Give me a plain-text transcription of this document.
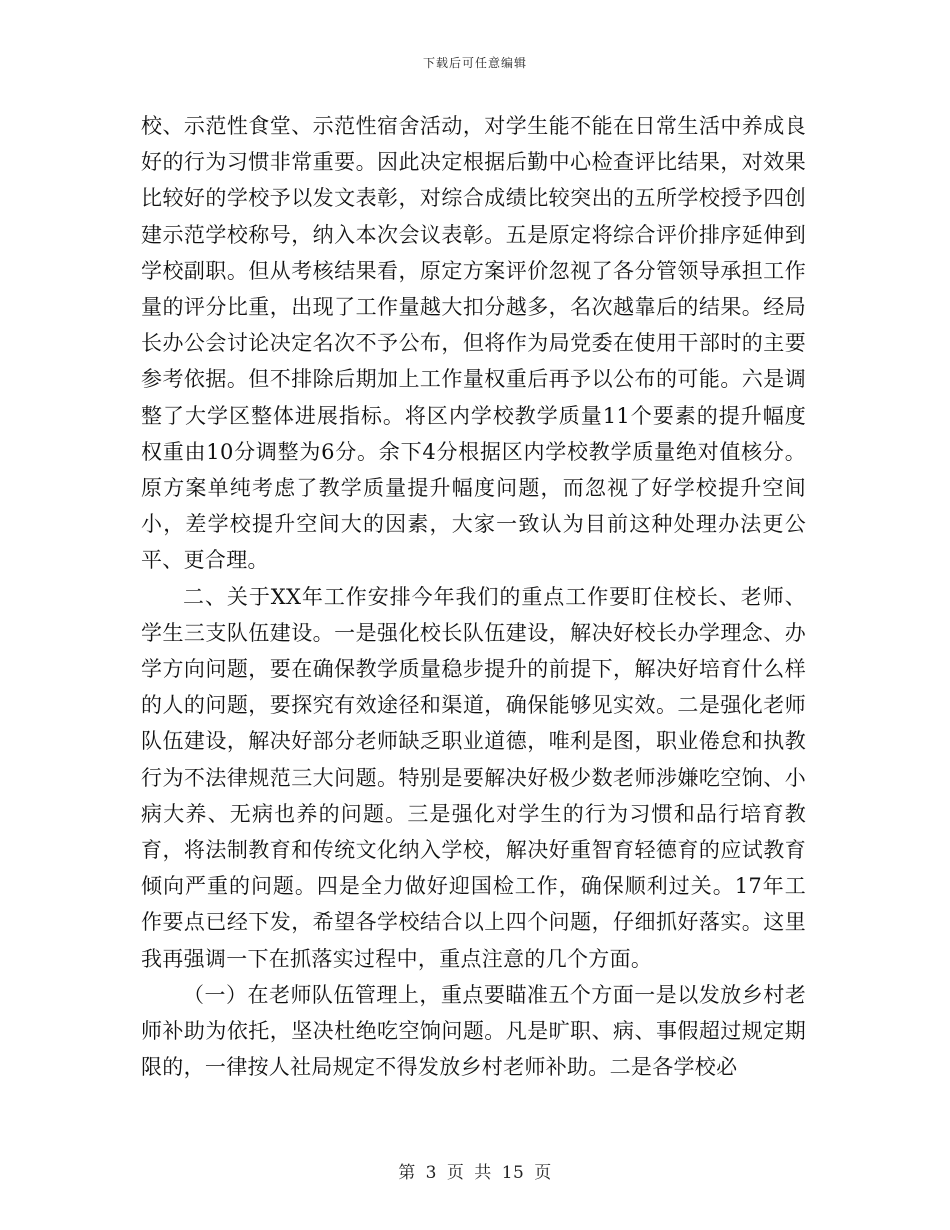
下载后可任意编辑

校、示范性食堂、示范性宿舍活动，对学生能不能在日常生活中养成良好的行为习惯非常重要。因此决定根据后勤中心检查评比结果，对效果比较好的学校予以发文表彰，对综合成绩比较突出的五所学校授予四创建示范学校称号，纳入本次会议表彰。五是原定将综合评价排序延伸到学校副职。但从考核结果看，原定方案评价忽视了各分管领导承担工作量的评分比重，出现了工作量越大扣分越多，名次越靠后的结果。经局长办公会讨论决定名次不予公布，但将作为局党委在使用干部时的主要参考依据。但不排除后期加上工作量权重后再予以公布的可能。六是调整了大学区整体进展指标。将区内学校教学质量11个要素的提升幅度权重由10分调整为6分。余下4分根据区内学校教学质量绝对值核分。原方案单纯考虑了教学质量提升幅度问题，而忽视了好学校提升空间小，差学校提升空间大的因素，大家一致认为目前这种处理办法更公平、更合理。

二、关于XX年工作安排今年我们的重点工作要盯住校长、老师、学生三支队伍建设。一是强化校长队伍建设，解决好校长办学理念、办学方向问题，要在确保教学质量稳步提升的前提下，解决好培育什么样的人的问题，要探究有效途径和渠道，确保能够见实效。二是强化老师队伍建设，解决好部分老师缺乏职业道德，唯利是图，职业倦怠和执教行为不法律规范三大问题。特别是要解决好极少数老师涉嫌吃空饷、小病大养、无病也养的问题。三是强化对学生的行为习惯和品行培育教育，将法制教育和传统文化纳入学校，解决好重智育轻德育的应试教育倾向严重的问题。四是全力做好迎国检工作，确保顺利过关。17年工作要点已经下发，希望各学校结合以上四个问题，仔细抓好落实。这里我再强调一下在抓落实过程中，重点注意的几个方面。

（一）在老师队伍管理上，重点要瞄准五个方面一是以发放乡村老师补助为依托，坚决杜绝吃空饷问题。凡是旷职、病、事假超过规定期限的，一律按人社局规定不得发放乡村老师补助。二是各学校必

第 3 页 共 15 页
